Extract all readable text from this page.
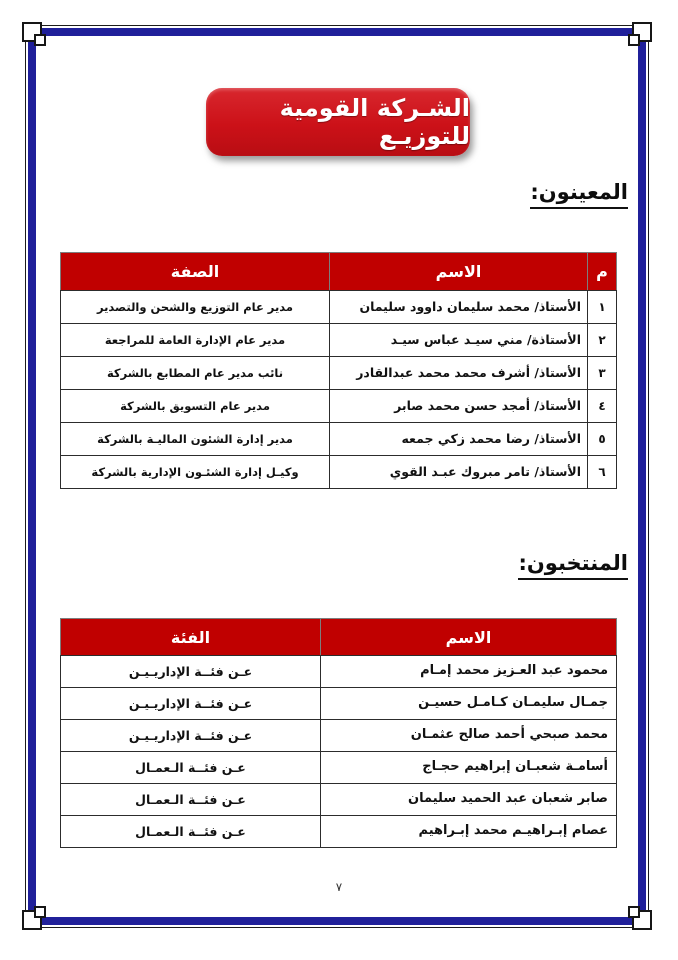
الشـركة القومية للتوزيـع
المعينون:
م	الاسم	الصفة
١	الأستاذ/ محمد سليمان داوود سليمان	مدير عام التوزيع والشحن والتصدير
٢	الأستاذة/ مني سيـد عباس سيـد	مدير عام الإدارة العامة للمراجعة
٣	الأستاذ/ أشرف محمد محمد عبدالقادر	نائب مدير عام المطابع بالشركة
٤	الأستاذ/ أمجد حسن محمد صابر	مدير عام التسويق بالشركة
٥	الأستاذ/ رضا محمد زكي جمعه	مدير إدارة الشئون الماليـة بالشركة
٦	الأستاذ/ تامر مبروك عبـد القوي	وكيـل إدارة الشئـون الإدارية بالشركة
المنتخبون:
الاسم	الفئة
محمود عبد العـزيز محمد إمـام	عـن فئــة الإداريـيـن
جمـال سليمـان كـامـل حسيـن	عـن فئــة الإداريـيـن
محمد صبحي أحمد صالح عثمـان	عـن فئــة الإداريـيـن
أسامـة شعبـان إبراهيم حجـاج	عـن فئــة الـعمـال
صابر شعبان عبد الحميد سليمان	عـن فئــة الـعمـال
عصام إبـراهيـم محمد إبـراهيم	عـن فئــة الـعمـال
٧
